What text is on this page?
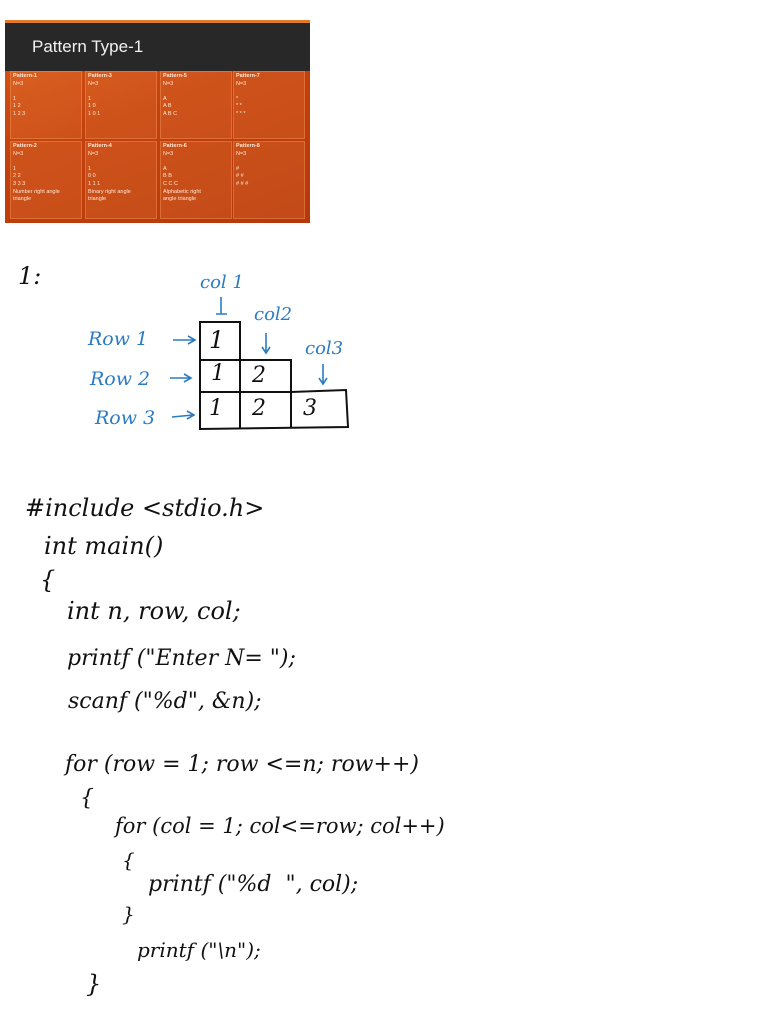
Pattern Type-1
Pattern-1
N=3

1
1 2
1 2 3
Pattern-3
N=3

1
1 0
1 0 1
Pattern-5
N=3

A
A B
A B C
Pattern-7
N=3

*
* *
* * *
Pattern-2
N=3

1
2 2
3 3 3
Number right angle
triangle
Pattern-4
N=3

1
0 0
1 1 1
Binary right angle
triangle
Pattern-6
N=3

A
B B
C C C
Alphabetic right
angle triangle
Pattern-8
N=3

#
# #
# # #
1:	col 1
col2
col3
Row 1
Row 2
Row 3
1
1 2
1 2 3
#include <stdio.h>
int main()
{
int n, row, col;
printf ("Enter N= ");
scanf ("%d", &n);
for (row = 1; row <=n; row++)
{
for (col = 1; col<=row; col++)
{
printf ("%d  ", col);
}
printf ("\n");
}
